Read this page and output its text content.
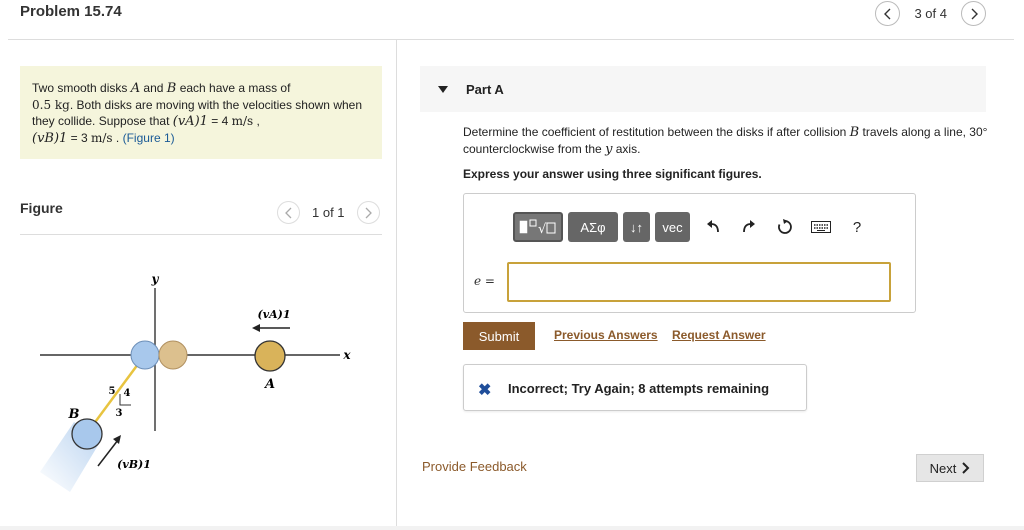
Problem 15.74	3 of 4
Two smooth disks A and B each have a mass of
0.5 kg. Both disks are moving with the velocities shown when they collide. Suppose that (vA)1 = 4 m/s ,
(vB)1 = 3 m/s . (Figure 1)
Figure	1 of 1
y
x
A
B
(vA)1
(vB)1
5 4
3
Part A
Determine the coefficient of restitution between the disks if after collision B travels along a line, 30° counterclockwise from the y axis.
Express your answer using three significant figures.
√	ΑΣφ	↓↑	vec	?
e =
Submit	Previous Answers Request Answer
✖ Incorrect; Try Again; 8 attempts remaining
Provide Feedback	Next
